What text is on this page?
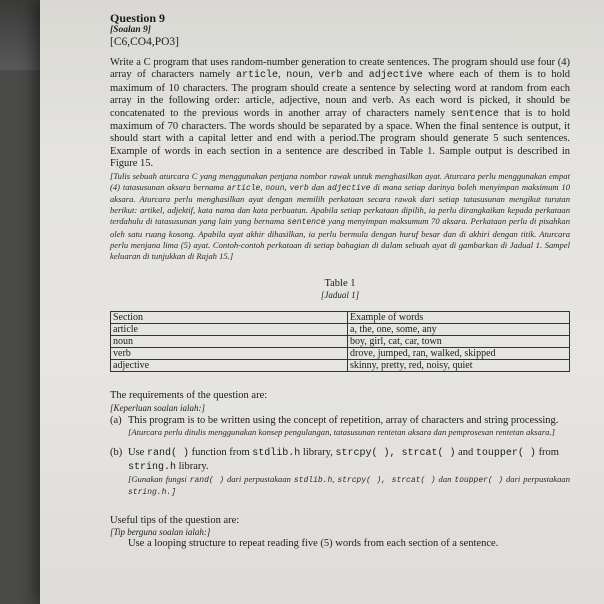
Question 9
[Soalan 9]
[C6,CO4,PO3]
Write a C program that uses random-number generation to create sentences. The program should use four (4) array of characters namely article, noun, verb and adjective where each of them is to hold maximum of 10 characters. The program should create a sentence by selecting word at random from each array in the following order: article, adjective, noun and verb. As each word is picked, it should be concatenated to the previous words in another array of characters namely sentence that is to hold maximum of 70 characters. The words should be separated by a space. When the final sentence is output, it should start with a capital letter and end with a period.The program should generate 5 such sentences. Example of words in each section in a sentence are described in Table 1. Sample output is described in Figure 15.
[Tulis sebuah aturcara C yang menggunakan penjana nombor rawak untuk menghasilkan ayat. Aturcara perlu menggunakan empat (4) tatasusunan aksara bernama article, noun, verb dan adjective di mana setiap darinya boleh menyimpan maksimum 10 aksara. Aturcara perlu menghasilkan ayat dengan memilih perkataan secara rawak dari setiap tatasusunan mengikut turutan berikut: artikel, adjektif, kata nama dan kata perbuatan. Apabila setiap perkataan dipilih, ia perlu dirangkaikan kepada perkataan terdahulu di tatasusunan yang lain yang bernama sentence yang menyimpan maksumum 70 aksara. Perkataan perlu di pisahkan oleh satu ruang kosong. Apabila ayat akhir dihasilkan, ia perlu bermula dengan huruf besar dan di akhiri dengan titik. Aturcara perlu menjana lima (5) ayat. Contoh-contoh perkataan di setiap bahagian di dalam sebuah ayat di gambarkan di Jadual 1. Sampel keluaran di tunjukkan di Rajah 15.]
Table 1
[Jadual 1]
Section	Example of words
article	a, the, one, some, any
noun	boy, girl, cat, car, town
verb	drove, jumped, ran, walked, skipped
adjective	skinny, pretty, red, noisy, quiet
The requirements of the question are:
[Keperluan soalan ialah:]
(a) This program is to be written using the concept of repetition, array of characters and string processing.
[Aturcara perlu ditulis menggunakan konsep pengulangan, tatasusunan rentetan aksara dan pemprosesan rentetan aksara.]
(b) Use rand( ) function from stdlib.h library, strcpy( ), strcat( ) and toupper( ) from string.h library.
[Gunakan fungsi rand( ) dari perpustakaan stdlib.h, strcpy( ), strcat( ) dan toupper( ) dari perpustakaan string.h.]
Useful tips of the question are:
[Tip berguna soalan ialah:]
Use a looping structure to repeat reading five (5) words from each section of a sentence.
